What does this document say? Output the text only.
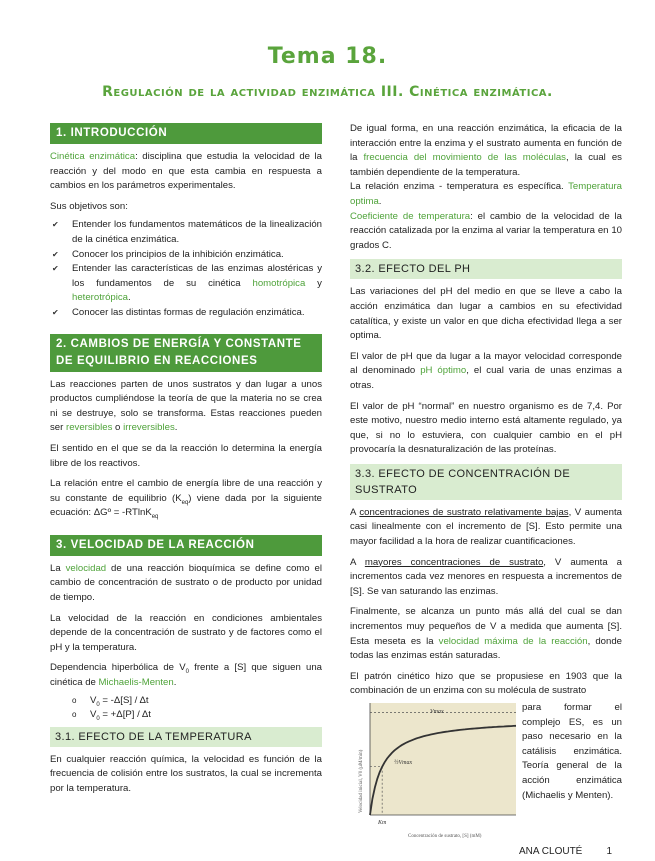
Tema 18.
Regulación de la actividad enzimática III. Cinética enzimática.
1. INTRODUCCIÓN

Cinética enzimática: disciplina que estudia la velocidad de la reacción y del modo en que esta cambia en respuesta a cambios en los parámetros experimentales.

Sus objetivos son:

✔ Entender los fundamentos matemáticos de la linealización de la cinética enzimática.
✔ Conocer los principios de la inhibición enzimática.
✔ Entender las características de las enzimas alostéricas y los fundamentos de su cinética homotrópica y heterotrópica.
✔ Conocer las distintas formas de regulación enzimática.
2. CAMBIOS DE ENERGÍA Y CONSTANTE DE EQUILIBRIO EN REACCIONES

Las reacciones parten de unos sustratos y dan lugar a unos productos cumpliéndose la teoría de que la materia no se crea ni se destruye, solo se transforma. Estas reacciones pueden ser reversibles o irreversibles.

El sentido en el que se da la reacción lo determina la energía libre de los reactivos.

La relación entre el cambio de energía libre de una reacción y su constante de equilibrio $(K_{eq})$ viene dada por la siguiente ecuación: ΔGº = -RTlnK$_{eq}$

3. VELOCIDAD DE LA REACCIÓN

La velocidad de una reacción bioquímica se define como el cambio de concentración de sustrato o de producto por unidad de tiempo.

La velocidad de la reacción en condiciones ambientales depende de la concentración de sustrato y de factores como el pH y la temperatura.

Dependencia hiperbólica de $V_0$ frente a [S] que siguen una cinética de Michaelis-Menten.

o $V_0 = -\Delta[S] / \Delta t$
o $V_0 = +\Delta[P] / \Delta t$
3.1. EFECTO DE LA TEMPERATURA

En cualquier reacción química, la velocidad es función de la frecuencia de colisión entre los sustratos, la cual se incrementa por la temperatura.

De igual forma, en una reacción enzimática, la eficacia de la interacción entre la enzima y el sustrato aumenta en función de la frecuencia del movimiento de las moléculas, la cual es también dependiente de la temperatura.

La relación enzima - temperatura es específica. Temperatura optima.

Coeficiente de temperatura: el cambio de la velocidad de la reacción catalizada por la enzima al variar la temperatura en 10 grados C.

3.2. EFECTO DEL PH

Las variaciones del pH del medio en que se lleve a cabo la acción enzimática dan lugar a cambios en su efectividad catalítica, y existe un valor en que dicha efectividad llega a ser optima.

El valor de pH que da lugar a la mayor velocidad corresponde al denominado pH óptimo, el cual varia de unas enzimas a otras.

El valor de pH “normal” en nuestro organismo es de 7,4. Por este motivo, nuestro medio interno está altamente regulado, ya que, si no lo estuviera, con cualquier cambio en el pH provocaría la desnaturalización de las proteínas.

3.3. EFECTO DE CONCENTRACIÓN DE SUSTRATO

A concentraciones de sustrato relativamente bajas, V aumenta casi linealmente con el incremento de [S]. Esto permite una mayor facilidad a la hora de realizar cuantificaciones.

A mayores concentraciones de sustrato, V aumenta a incrementos cada vez menores en respuesta a incrementos de [S]. Se van saturando las enzimas.

Finalmente, se alcanza un punto más allá del cual se dan incrementos muy pequeños de V a medida que aumenta [S]. Esta meseta es la velocidad máxima de la reacción, donde todas las enzimas están saturadas.

El patrón cinético hizo que se propusiese en 1903 que la combinación de un enzima con su molécula de sustrato

Vmax
½Vmax
Km
Concentración de sustrato, [S] (mM)
Velocidad inicial, V0 (µM/min)

para formar el complejo ES, es un paso necesario en la catálisis enzimática. Teoría general de la acción enzimática (Michaelis y Menten).

ANA CLOUTÉ 1
